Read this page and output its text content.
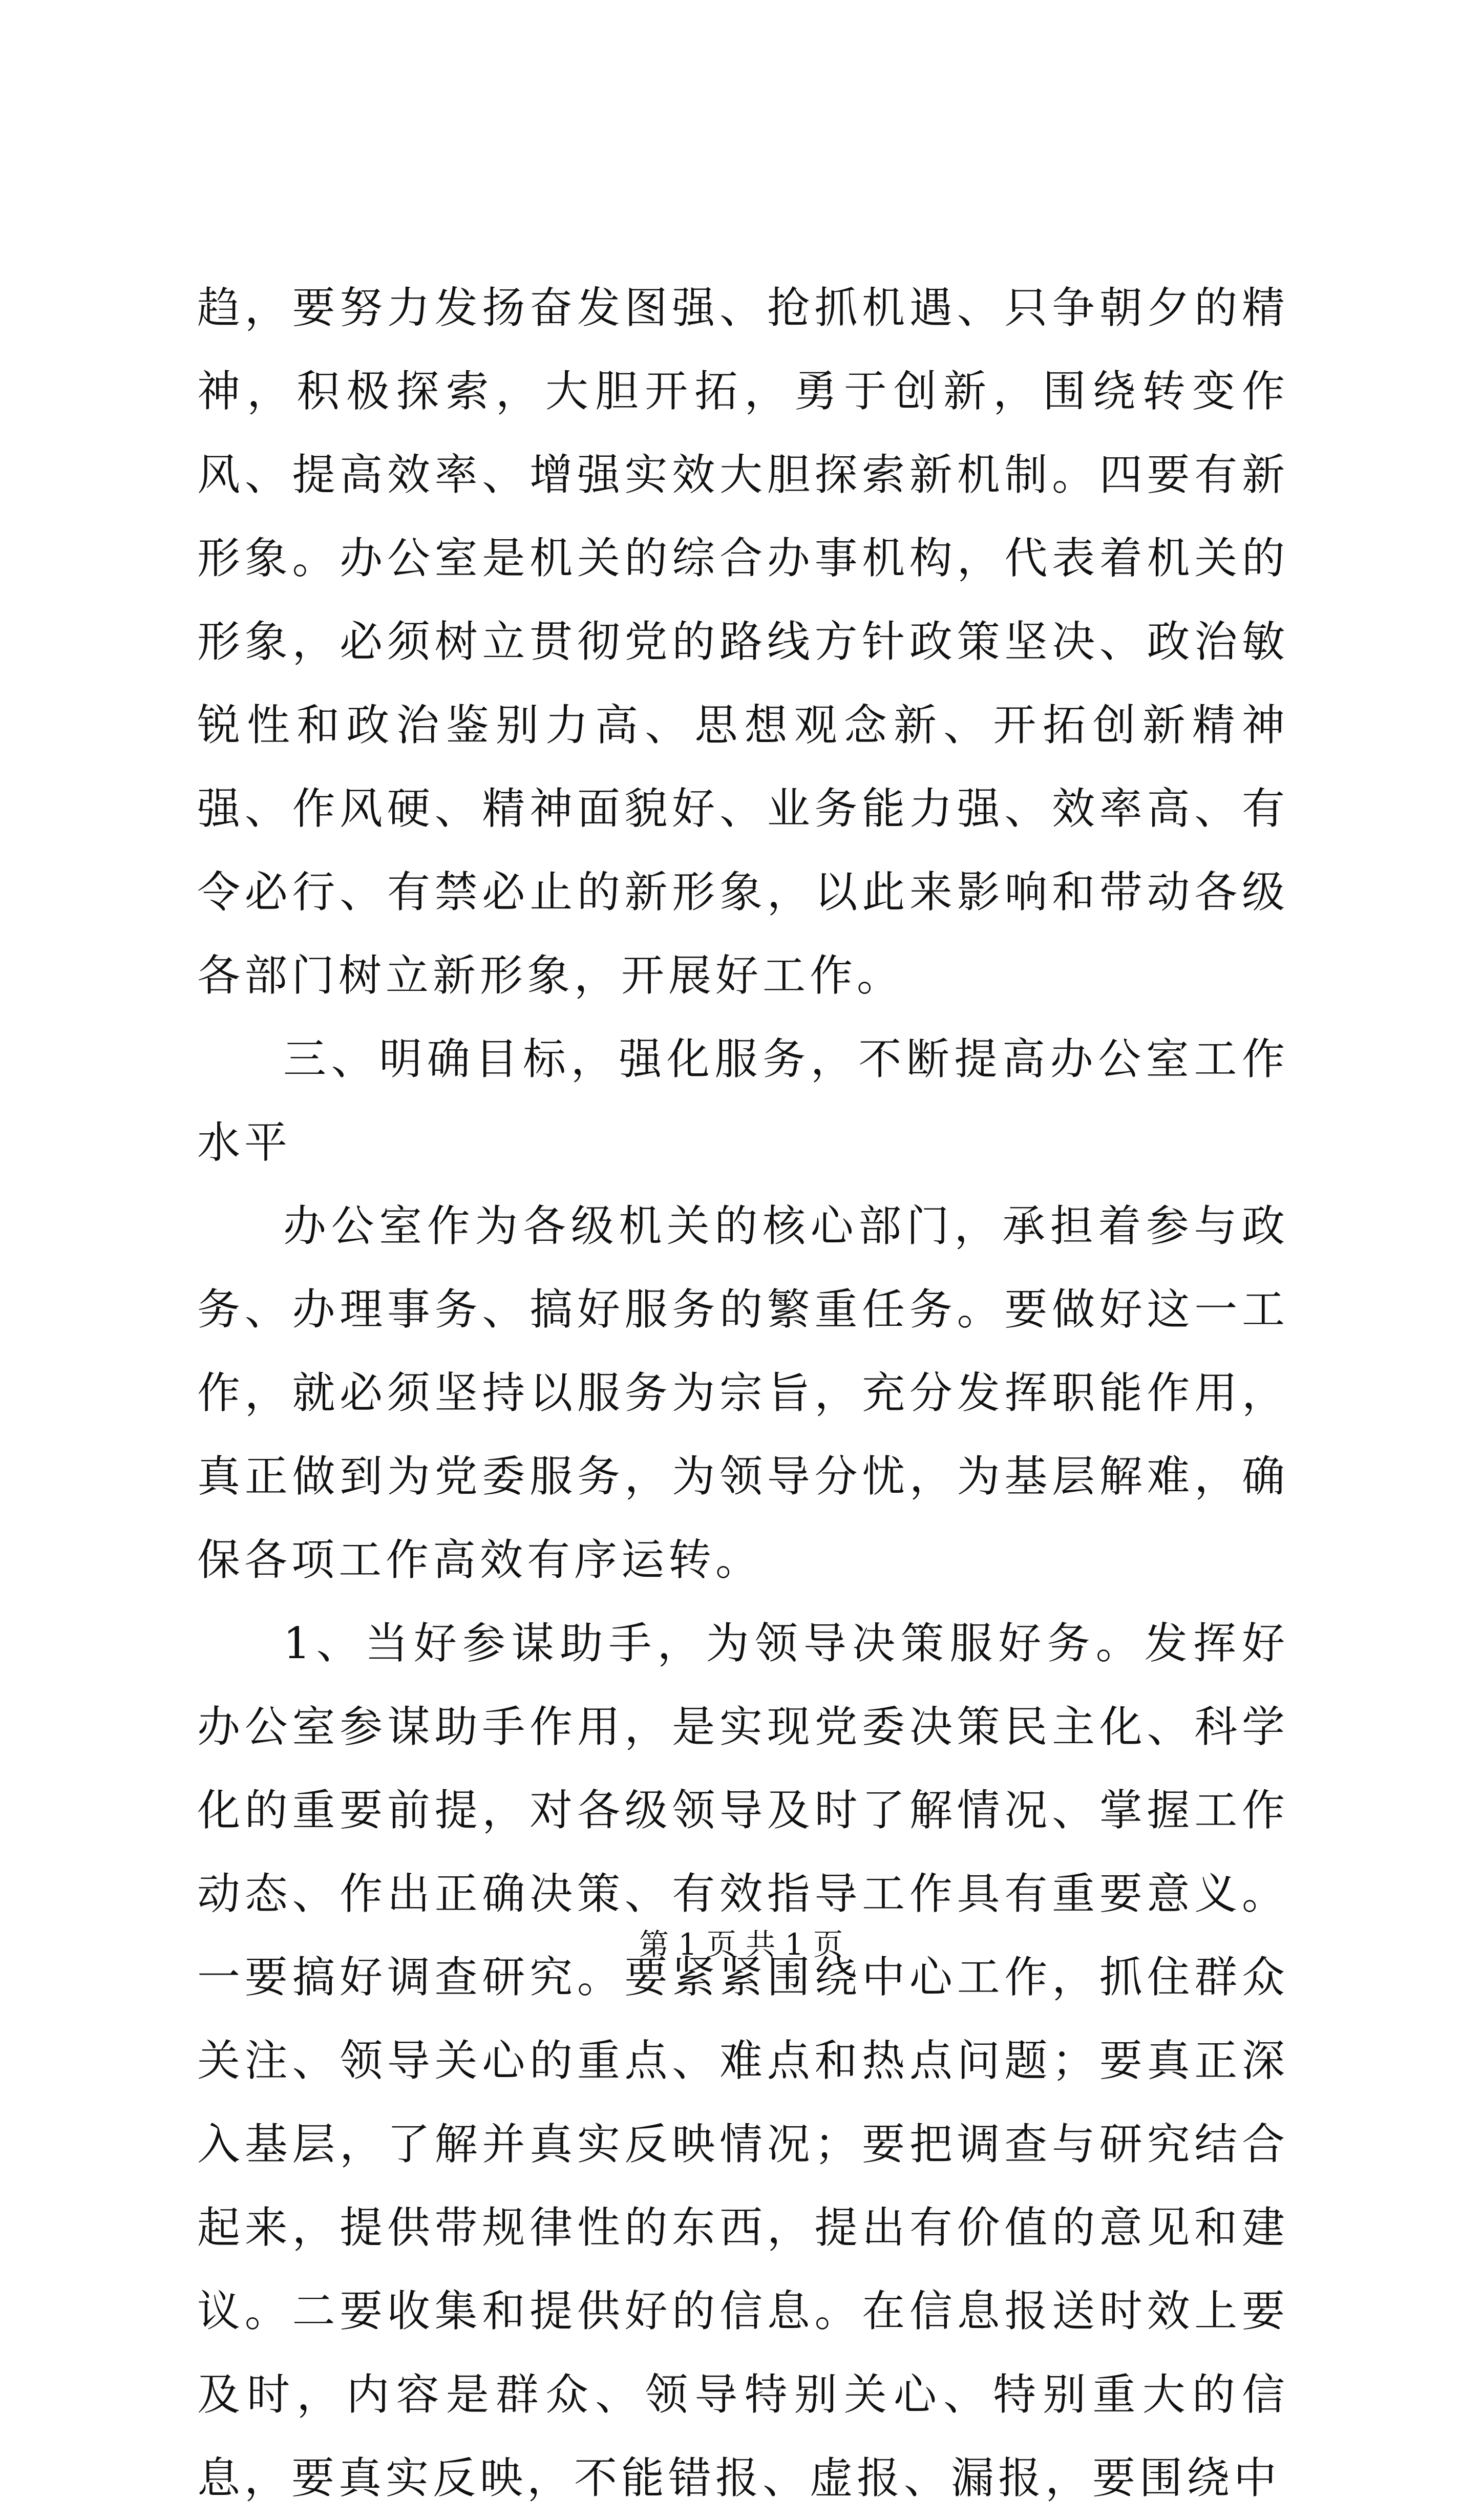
趋，要努力发扬奋发图强、抢抓机遇、只争朝夕的精神，积极探索，大胆开拓，勇于创新，围绕转变作风、提高效率、增强实效大胆探索新机制。四要有新形象。办公室是机关的综合办事机构，代表着机关的形象，必须树立贯彻党的路线方针政策坚决、政治敏锐性和政治鉴别力高、思想观念新、开拓创新精神强、作风硬、精神面貌好、业务能力强、效率高、有令必行、有禁必止的新形象，以此来影响和带动各级各部门树立新形象，开展好工作。

三、明确目标，强化服务，不断提高办公室工作水平

办公室作为各级机关的核心部门，承担着参与政务、办理事务、搞好服务的繁重任务。要做好这一工作，就必须坚持以服务为宗旨，充分发挥职能作用，真正做到为党委服务，为领导分忧，为基层解难，确保各项工作高效有序运转。

1、当好参谋助手，为领导决策服好务。发挥好办公室参谋助手作用，是实现党委决策民主化、科学化的重要前提，对各级领导及时了解情况、掌握工作动态、作出正确决策、有效指导工作具有重要意义。一要搞好调查研究。要紧紧围绕中心工作，抓住群众关注、领导关心的重点、难点和热点问题；要真正深入基层，了解并真实反映情况；要把调查与研究结合起来，提供带规律性的东西，提出有价值的意见和建议。二要收集和提供好的信息。在信息报送时效上要及时，内容是群众、领导特别关心、特别重大的信息，要真实反映，不能错报、虚报、漏报，要围绕中

第 1 页 共 1 页
